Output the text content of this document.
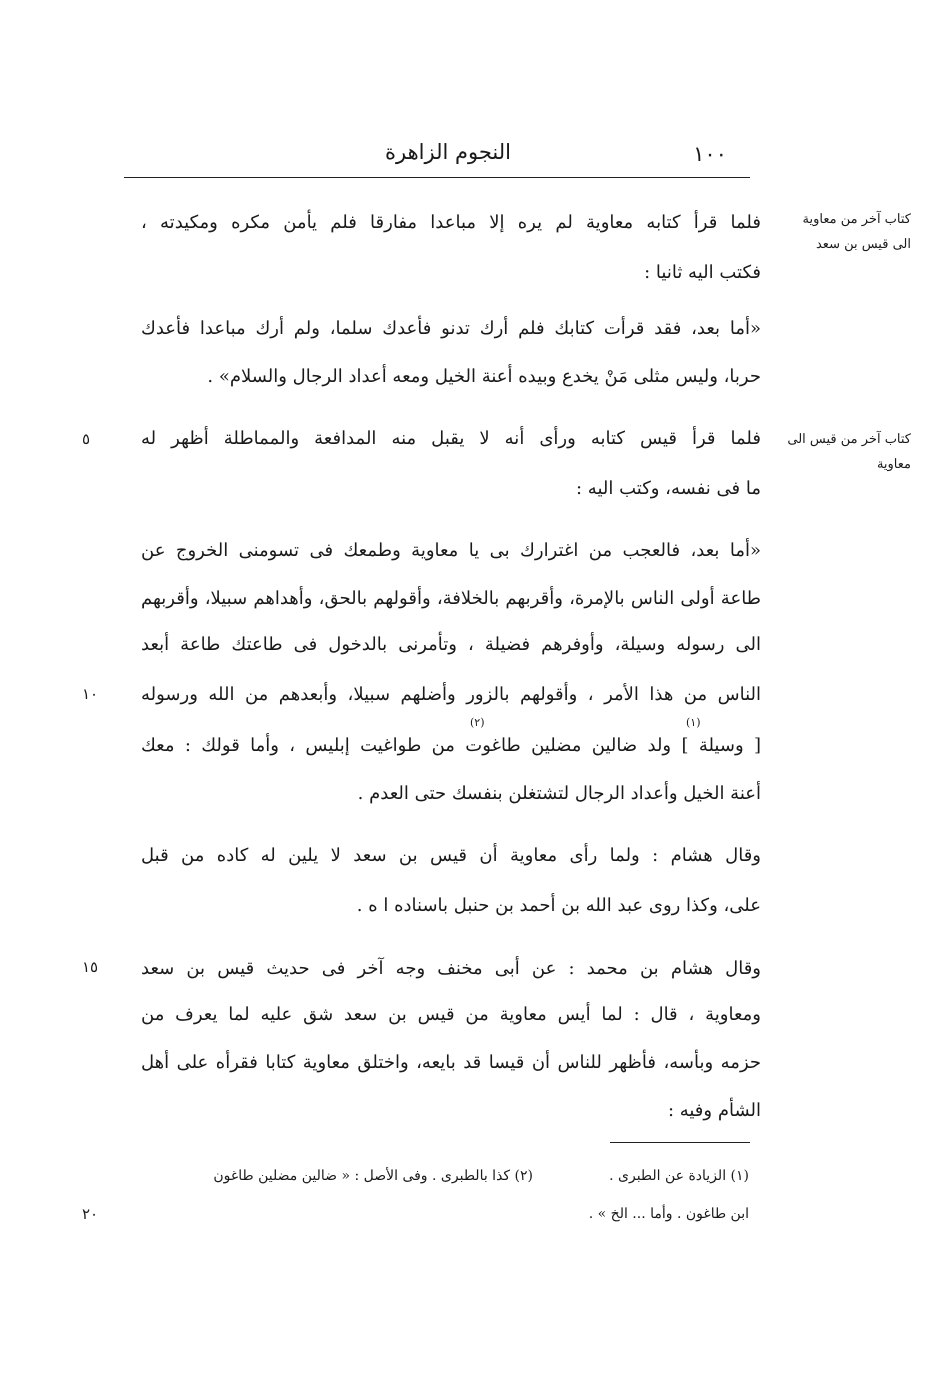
النجوم الزاهرة	١٠٠
كتاب آخر من معاوية الى قيس بن سعد
كتاب آخر من قيس الى معاوية
٥
١٠
١٥
٢٠
فلما قرأ كتابه معاوية لم يره إلا مباعدا مفارقا فلم يأمن مكره ومكيدته ،
فكتب اليه ثانيا :
«أما بعد، فقد قرأت كتابك فلم أرك تدنو فأعدك سلما، ولم أرك مباعدا فأعدك
حربا، وليس مثلى مَنْ يخدع وبيده أعنة الخيل ومعه أعداد الرجال والسلام» .
فلما قرأ قيس كتابه ورأى أنه لا يقبل منه المدافعة والمماطلة أظهر له
ما فى نفسه، وكتب اليه :
«أما بعد، فالعجب من اغترارك بى يا معاوية وطمعك فى تسومنى الخروج عن
طاعة أولى الناس بالإمرة، وأقربهم بالخلافة، وأقولهم بالحق، وأهداهم سبيلا، وأقربهم
الى رسوله وسيلة، وأوفرهم فضيلة ، وتأمرنى بالدخول فى طاعتك طاعة أبعد
الناس من هذا الأمر ، وأقولهم بالزور وأضلهم سبيلا، وأبعدهم من الله ورسوله
[ وسيلة ] ولد ضالين مضلين طاغوت من طواغيت إبليس ، وأما قولك : معك
أعنة الخيل وأعداد الرجال لتشتغلن بنفسك حتى العدم .
وقال هشام : ولما رأى معاوية أن قيس بن سعد لا يلين له كاده من قبل
على، وكذا روى عبد الله بن أحمد بن حنبل باسناده ا ه .
وقال هشام بن محمد : عن أبى مخنف وجه آخر فى حديث قيس بن سعد
ومعاوية ، قال : لما أيس معاوية من قيس بن سعد شق عليه لما يعرف من
حزمه وبأسه، فأظهر للناس أن قيسا قد بايعه، واختلق معاوية كتابا فقرأه على أهل
الشأم وفيه :
(١)
(٢)
(١) الزيادة عن الطبرى .
(٢) كذا بالطبرى . وفى الأصل : « ضالين مضلين طاغون
ابن طاغون . وأما ... الخ » .
